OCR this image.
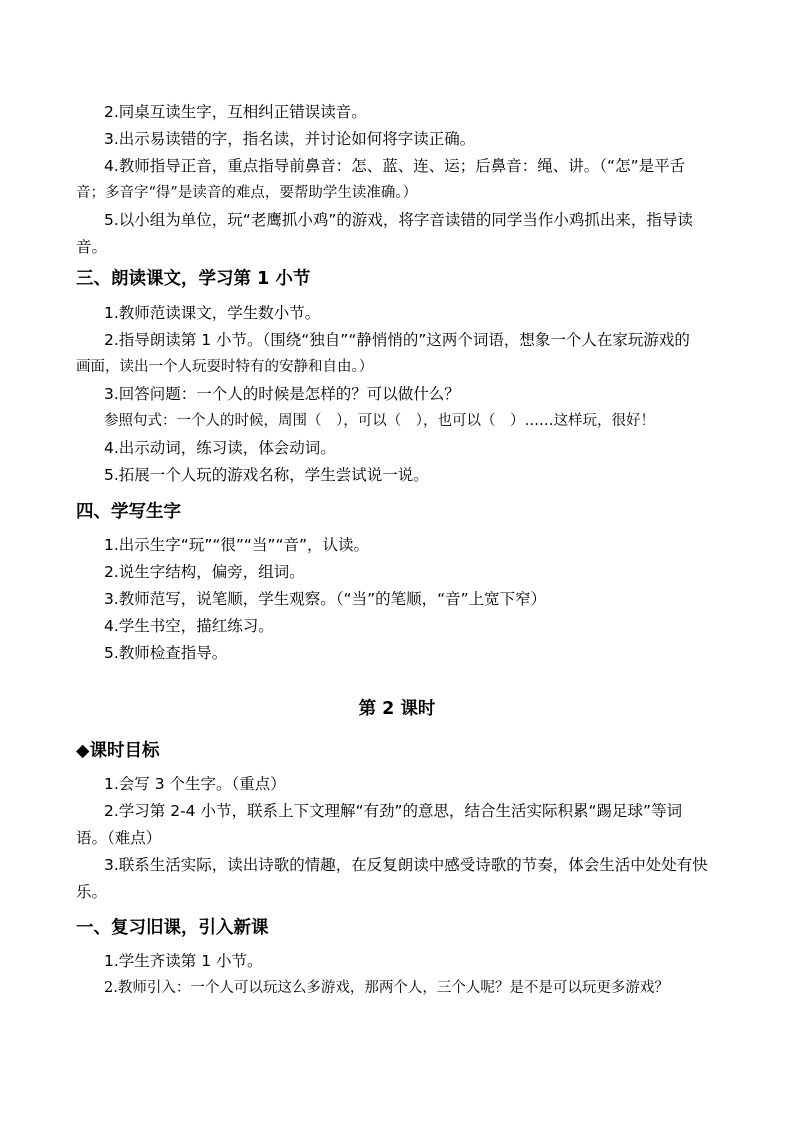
2.同桌互读生字，互相纠正错误读音。
3.出示易读错的字，指名读，并讨论如何将字读正确。
4.教师指导正音，重点指导前鼻音：怎、蓝、连、运；后鼻音：绳、讲。（“怎”是平舌
音；多音字“得”是读音的难点，要帮助学生读准确。）
5.以小组为单位，玩“老鹰抓小鸡”的游戏，将字音读错的同学当作小鸡抓出来，指导读
音。
三、朗读课文，学习第 1 小节
1.教师范读课文，学生数小节。
2.指导朗读第 1 小节。（围绕“独自”“静悄悄的”这两个词语，想象一个人在家玩游戏的
画面，读出一个人玩耍时特有的安静和自由。）
3.回答问题：一个人的时候是怎样的？可以做什么？
参照句式：一个人的时候，周围（　），可以（　），也可以（　）……这样玩，很好！
4.出示动词，练习读，体会动词。
5.拓展一个人玩的游戏名称，学生尝试说一说。
四、学写生字
1.出示生字“玩”“很”“当”“音”，认读。
2.说生字结构，偏旁，组词。
3.教师范写，说笔顺，学生观察。（“当”的笔顺，“音”上宽下窄）
4.学生书空，描红练习。
5.教师检查指导。
第 2 课时
◆课时目标
1.会写 3 个生字。（重点）
2.学习第 2-4 小节，联系上下文理解“有劲”的意思，结合生活实际积累“踢足球”等词
语。（难点）
3.联系生活实际，读出诗歌的情趣，在反复朗读中感受诗歌的节奏，体会生活中处处有快
乐。
一、复习旧课，引入新课
1.学生齐读第 1 小节。
2.教师引入：一个人可以玩这么多游戏，那两个人，三个人呢？是不是可以玩更多游戏？
